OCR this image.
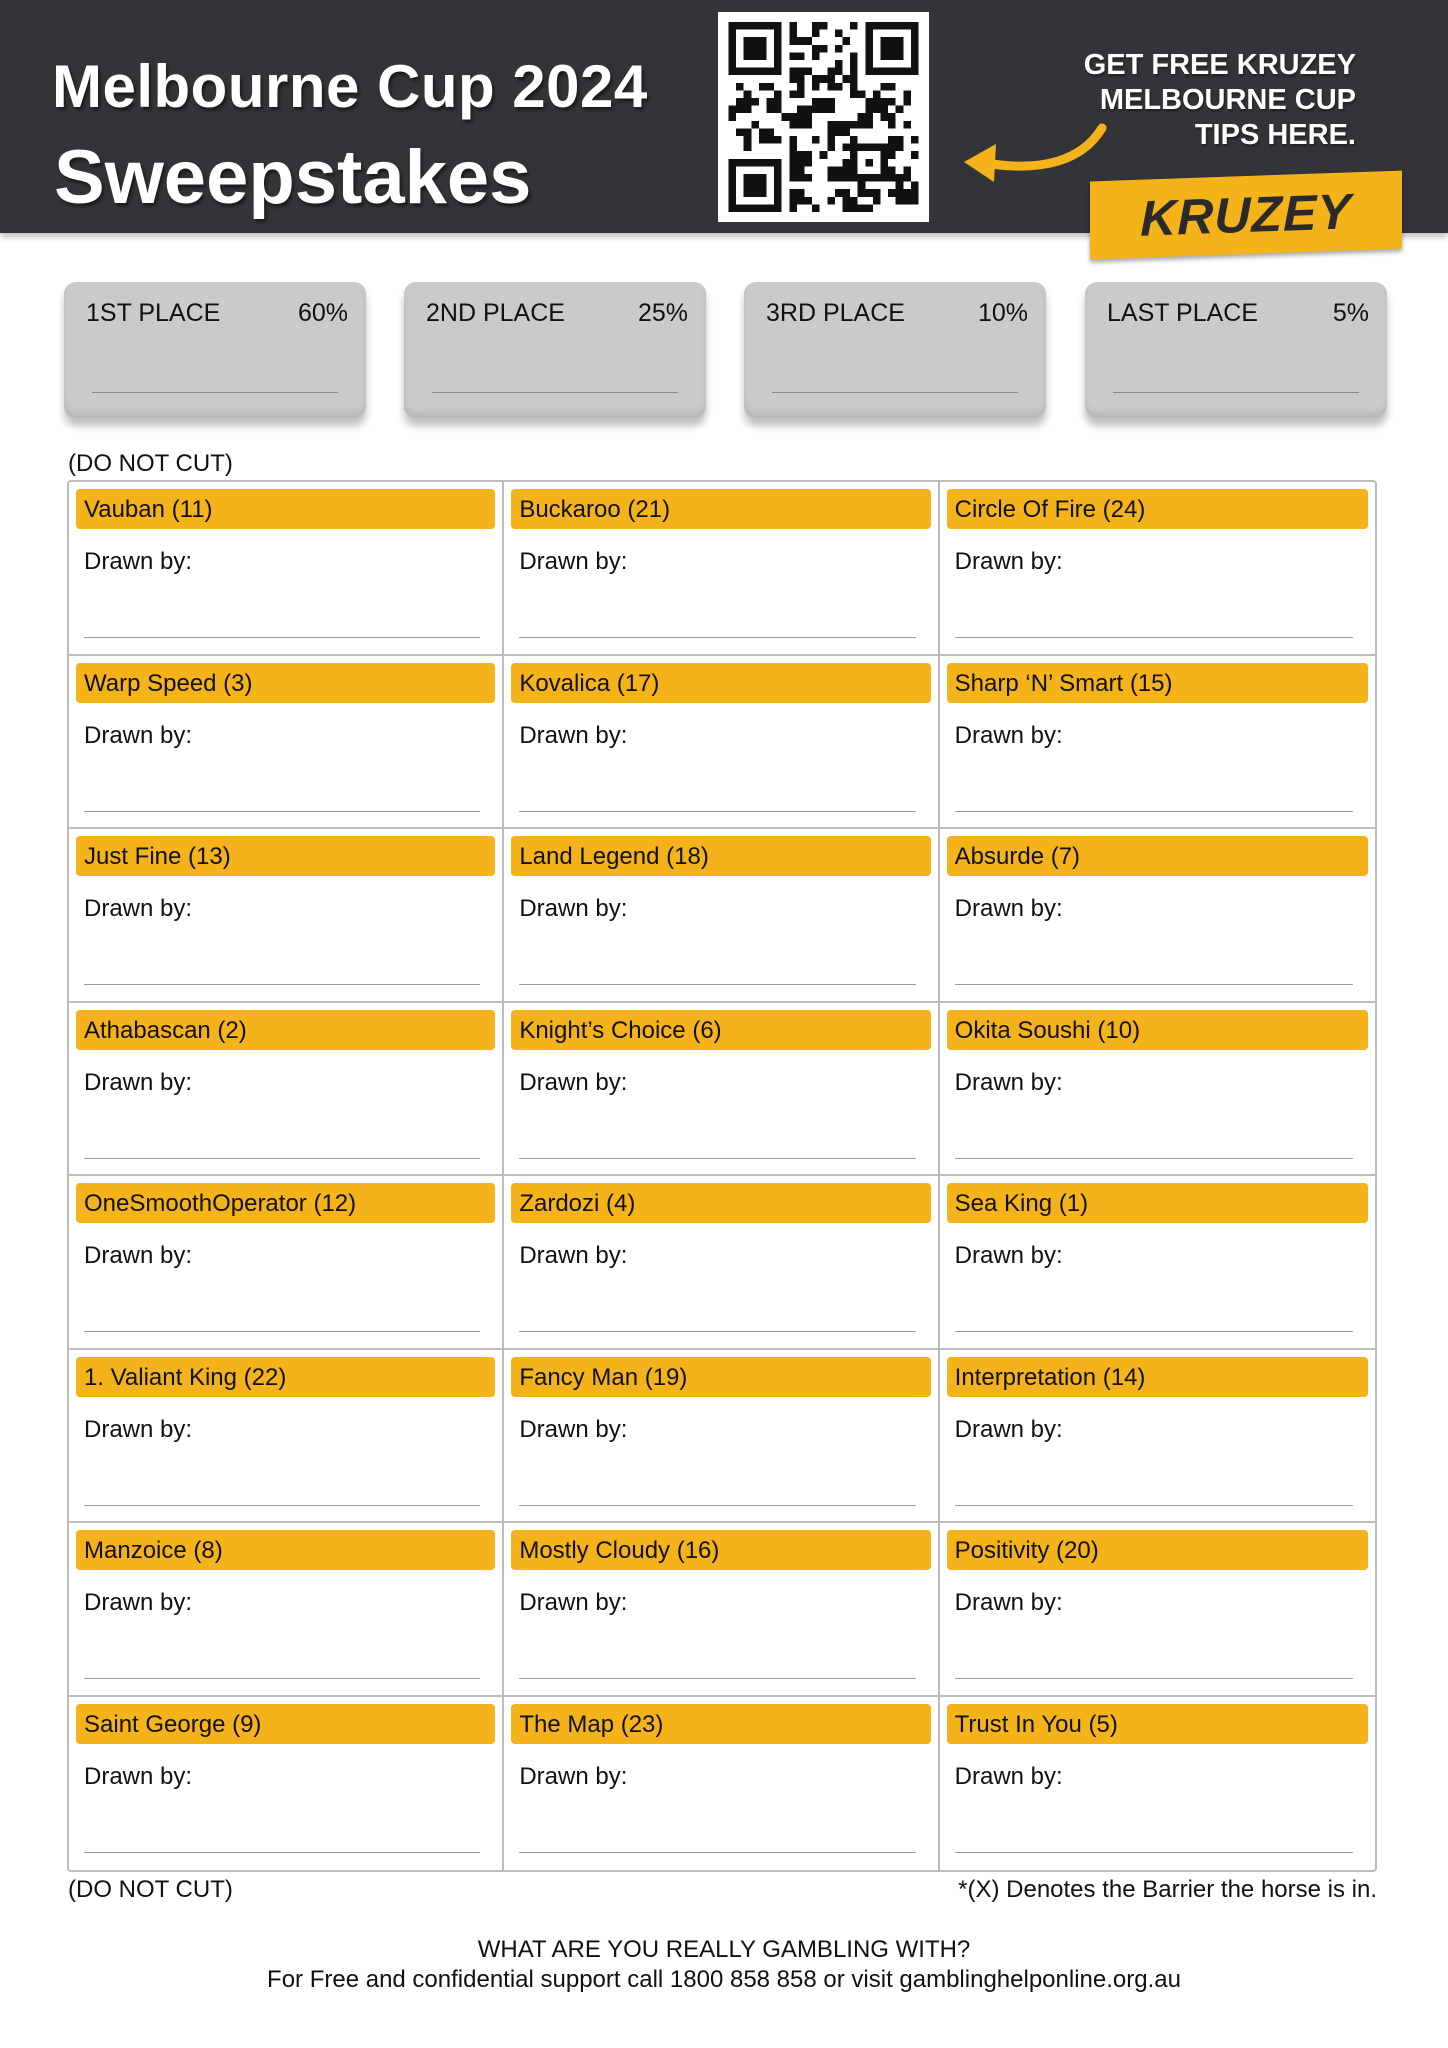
Melbourne Cup 2024
Sweepstakes
GET FREE KRUZEY
MELBOURNE CUP
TIPS HERE.
KRUZEY
1ST PLACE	60%	2ND PLACE	25%	3RD PLACE	10%	LAST PLACE	5%
(DO NOT CUT)
Vauban (11)
Drawn by:
Buckaroo (21)
Drawn by:
Circle Of Fire (24)
Drawn by:
Warp Speed (3)
Drawn by:
Kovalica (17)
Drawn by:
Sharp ‘N’ Smart (15)
Drawn by:
Just Fine (13)
Drawn by:
Land Legend (18)
Drawn by:
Absurde (7)
Drawn by:
Athabascan (2)
Drawn by:
Knight’s Choice (6)
Drawn by:
Okita Soushi (10)
Drawn by:
OneSmoothOperator (12)
Drawn by:
Zardozi (4)
Drawn by:
Sea King (1)
Drawn by:
1. Valiant King (22)
Drawn by:
Fancy Man (19)
Drawn by:
Interpretation (14)
Drawn by:
Manzoice (8)
Drawn by:
Mostly Cloudy (16)
Drawn by:
Positivity (20)
Drawn by:
Saint George (9)
Drawn by:
The Map (23)
Drawn by:
Trust In You (5)
Drawn by:
(DO NOT CUT)	*(X) Denotes the Barrier the horse is in.
WHAT ARE YOU REALLY GAMBLING WITH?
For Free and confidential support call 1800 858 858 or visit gamblinghelponline.org.au
